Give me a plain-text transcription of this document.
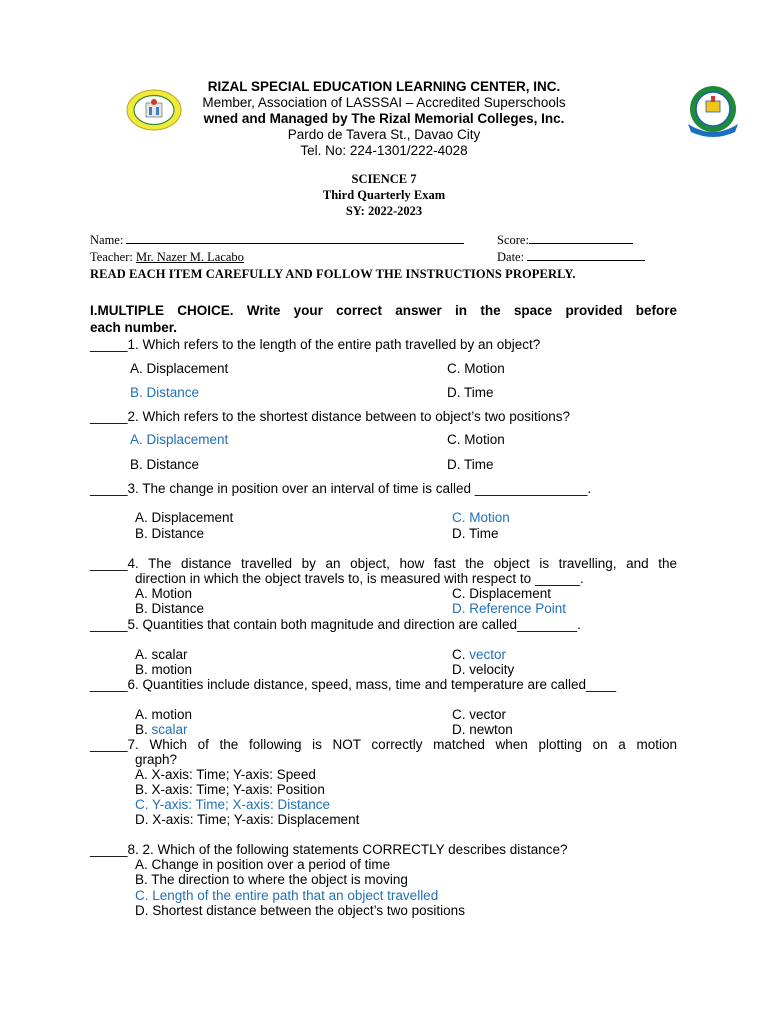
RIZAL SPECIAL EDUCATION LEARNING CENTER, INC.
Member, Association of LASSSAI – Accredited Superschools
wned and Managed by The Rizal Memorial Colleges, Inc.
Pardo de Tavera St., Davao City
Tel. No: 224-1301/222-4028
SCIENCE 7
Third Quarterly Exam
SY: 2022-2023
Name:	Score:
Teacher: Mr. Nazer M. Lacabo	Date:
READ EACH ITEM CAREFULLY AND FOLLOW THE INSTRUCTIONS PROPERLY.
I.MULTIPLE CHOICE. Write your correct answer in the space provided before
each number.
_____1. Which refers to the length of the entire path travelled by an object?
A. Displacement	C. Motion
B. Distance	D. Time
_____2. Which refers to the shortest distance between to object’s two positions?
A. Displacement	C. Motion
B. Distance	D. Time
_____3. The change in position over an interval of time is called _______________.
A. Displacement	C. Motion
B. Distance	D. Time
_____4. The distance travelled by an object, how fast the object is travelling, and the
direction in which the object travels to, is measured with respect to ______.
A. Motion	C. Displacement
B. Distance	D. Reference Point
_____5. Quantities that contain both magnitude and direction are called________.
A. scalar	C. vector
B. motion	D. velocity
_____6. Quantities include distance, speed, mass, time and temperature are called____
A. motion	C. vector
B. scalar	D. newton
_____7. Which of the following is NOT correctly matched when plotting on a motion
graph?
A. X-axis: Time; Y-axis: Speed
B. X-axis: Time; Y-axis: Position
C. Y-axis: Time; X-axis: Distance
D. X-axis: Time; Y-axis: Displacement
_____8. 2. Which of the following statements CORRECTLY describes distance?
A. Change in position over a period of time
B. The direction to where the object is moving
C. Length of the entire path that an object travelled
D. Shortest distance between the object’s two positions
